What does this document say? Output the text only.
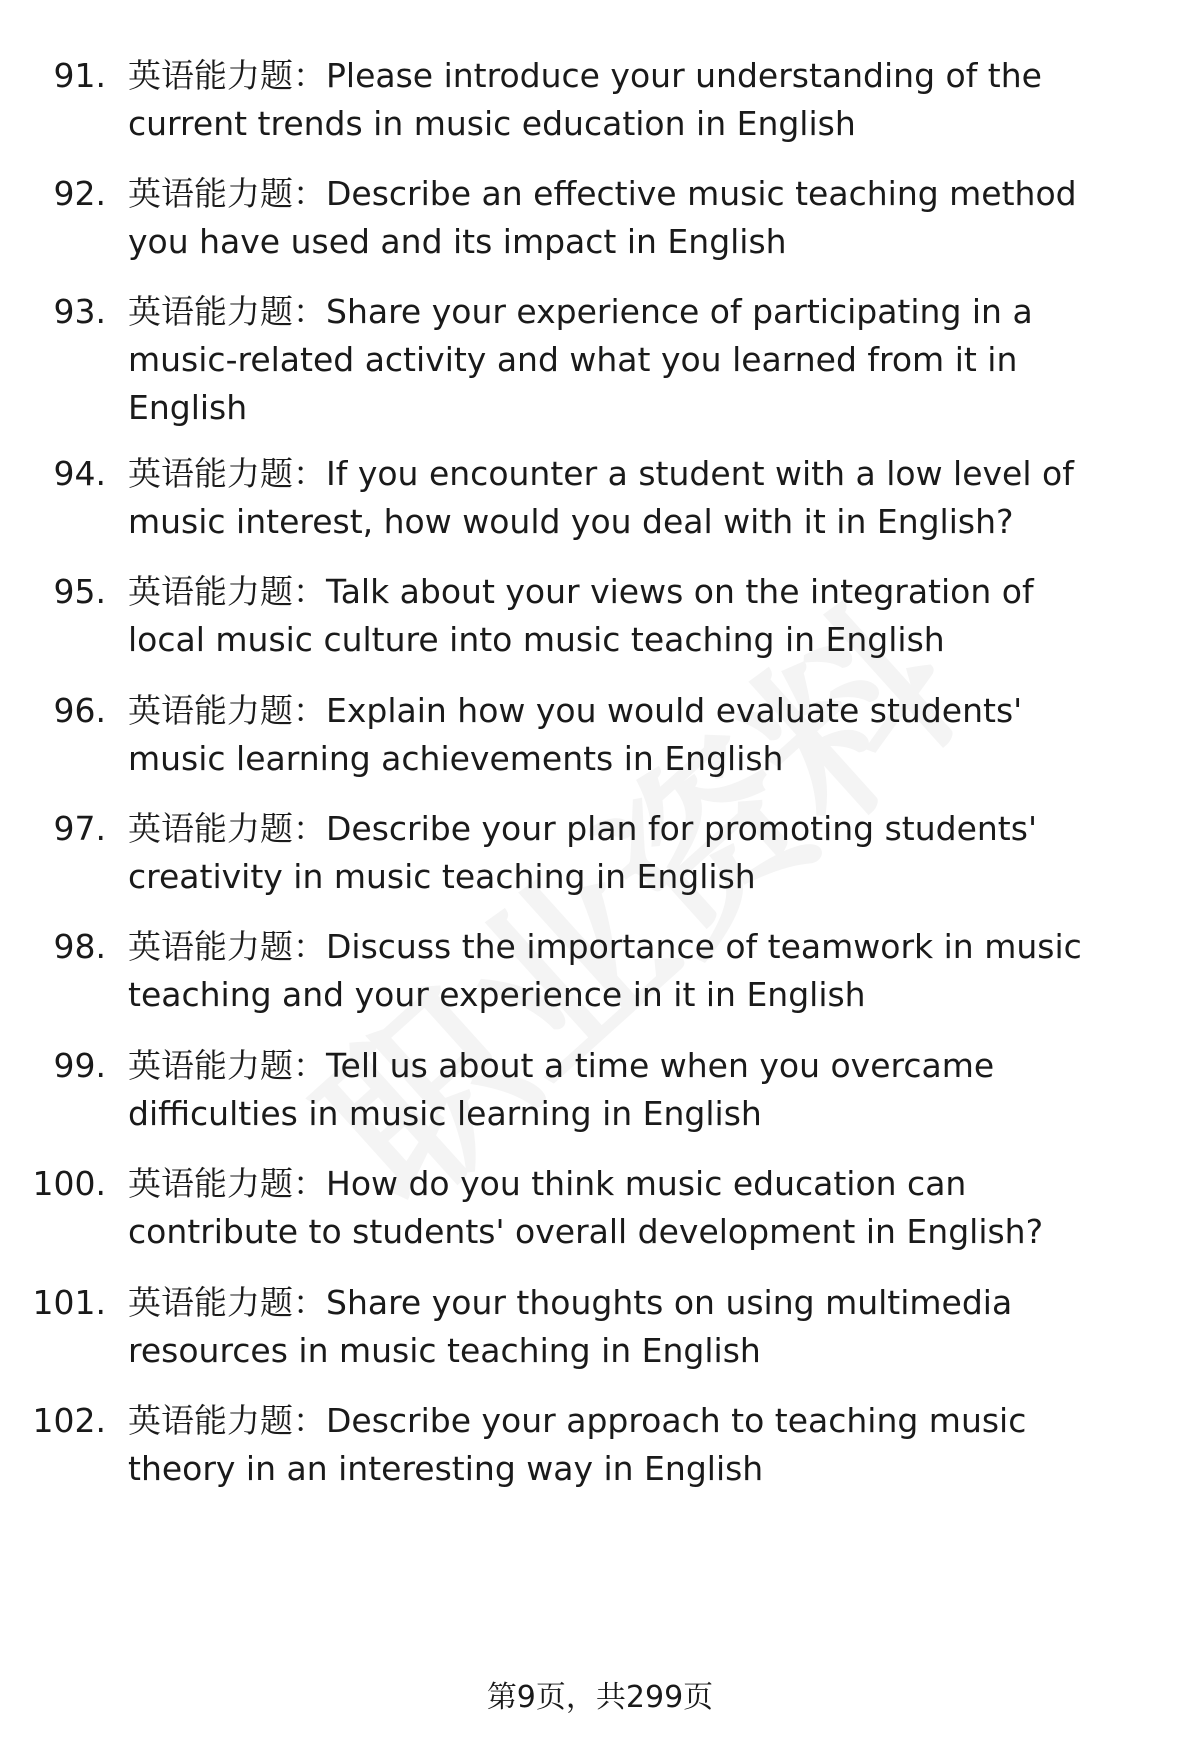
91. 英语能力题：Please introduce your understanding of the
current trends in music education in English
92. 英语能力题：Describe an effective music teaching method
you have used and its impact in English
93. 英语能力题：Share your experience of participating in a
music-related activity and what you learned from it in
English
94. 英语能力题：If you encounter a student with a low level of
music interest, how would you deal with it in English?
95. 英语能力题：Talk about your views on the integration of
local music culture into music teaching in English
96. 英语能力题：Explain how you would evaluate students'
music learning achievements in English
97. 英语能力题：Describe your plan for promoting students'
creativity in music teaching in English
98. 英语能力题：Discuss the importance of teamwork in music
teaching and your experience in it in English
99. 英语能力题：Tell us about a time when you overcame
difficulties in music learning in English
100. 英语能力题：How do you think music education can
contribute to students' overall development in English?
101. 英语能力题：Share your thoughts on using multimedia
resources in music teaching in English
102. 英语能力题：Describe your approach to teaching music
theory in an interesting way in English
第9页，共299页
